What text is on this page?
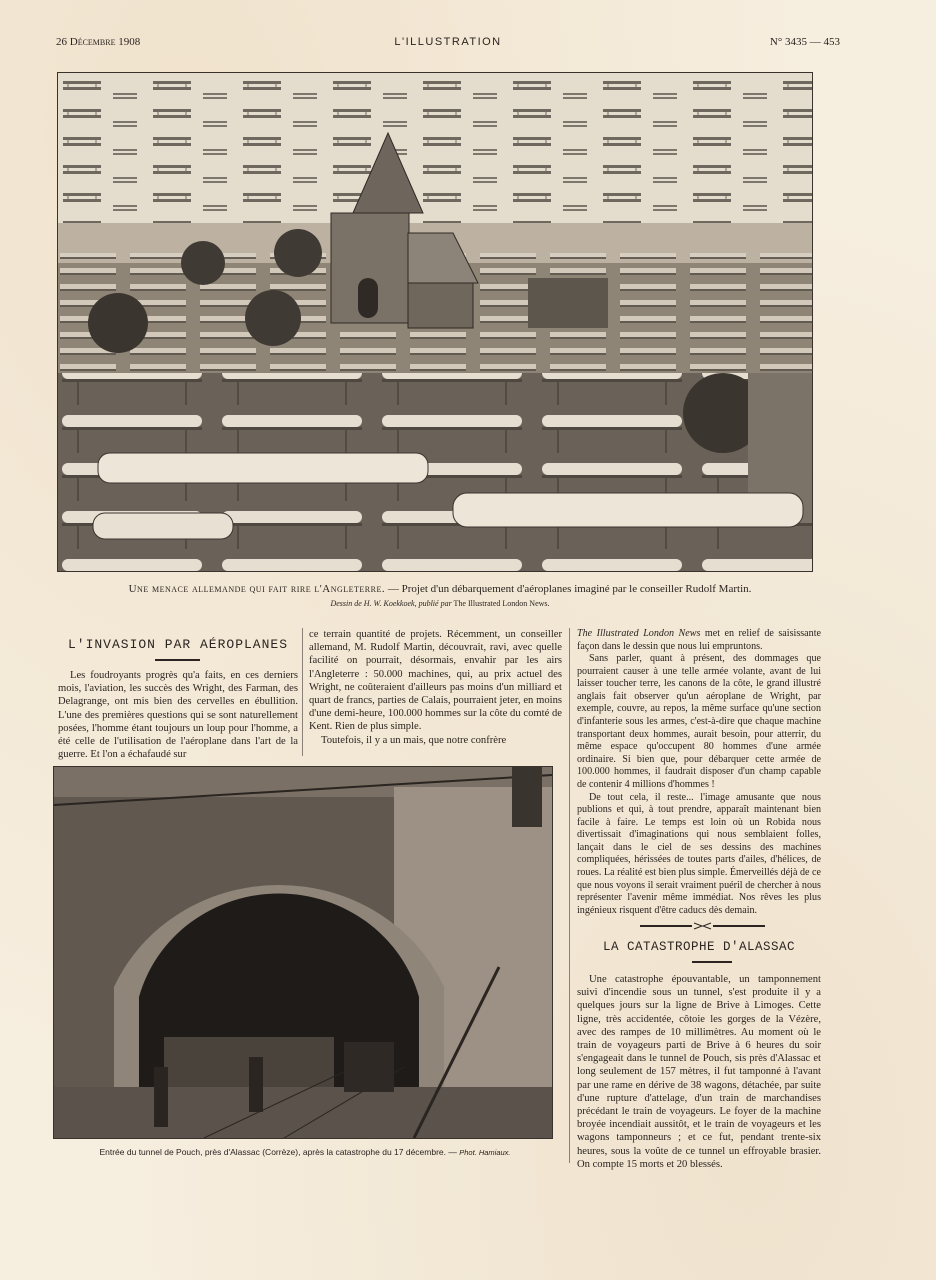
26 Décembre 1908	L'ILLUSTRATION	N° 3435 — 453
Une menace allemande qui fait rire l'Angleterre. — Projet d'un débarquement d'aéroplanes imaginé par le conseiller Rudolf Martin.
Dessin de H. W. Koekkoek, publié par The Illustrated London News.
L'INVASION PAR AÉROPLANES

Les foudroyants progrès qu'a faits, en ces derniers mois, l'aviation, les succès des Wright, des Farman, des Delagrange, ont mis bien des cervelles en ébullition. L'une des premières questions qui se sont naturellement posées, l'homme étant toujours un loup pour l'homme, a été celle de l'utilisation de l'aéroplane dans l'art de la guerre. Et l'on a échafaudé sur

ce terrain quantité de projets. Récemment, un conseiller allemand, M. Rudolf Martin, découvrait, ravi, avec quelle facilité on pourrait, désormais, envahir par les airs l'Angleterre : 50.000 machines, qui, au prix actuel des Wright, ne coûteraient d'ailleurs pas moins d'un milliard et quart de francs, parties de Calais, pourraient jeter, en moins d'une demi-heure, 100.000 hommes sur la côte du comté de Kent. Rien de plus simple.

Toutefois, il y a un mais, que notre confrère

The Illustrated London News met en relief de saisissante façon dans le dessin que nous lui empruntons.

Sans parler, quant à présent, des dommages que pourraient causer à une telle armée volante, avant de lui laisser toucher terre, les canons de la côte, le grand illustré anglais fait observer qu'un aéroplane de Wright, par exemple, couvre, au repos, la même surface qu'une section d'infanterie sous les armes, c'est-à-dire que chaque machine transportant deux hommes, aurait besoin, pour atterrir, du même espace qu'occupent 80 hommes d'une armée ordinaire. Si bien que, pour débarquer cette armée de 100.000 hommes, il faudrait disposer d'un champ capable de contenir 4 millions d'hommes !

De tout cela, il reste... l'image amusante que nous publions et qui, à tout prendre, apparaît maintenant bien facile à faire. Le temps est loin où un Robida nous divertissait d'imaginations qui nous semblaient folles, lançait dans le ciel de ses dessins des machines compliquées, hérissées de toutes parts d'ailes, d'hélices, de roues. La réalité est bien plus simple. Émerveillés déjà de ce que nous voyons il serait vraiment puéril de chercher à nous représenter l'avenir même immédiat. Nos rêves les plus ingénieux risquent d'être caducs dès demain.

LA CATASTROPHE D'ALASSAC

Une catastrophe épouvantable, un tamponnement suivi d'incendie sous un tunnel, s'est produite il y a quelques jours sur la ligne de Brive à Limoges. Cette ligne, très accidentée, côtoie les gorges de la Vézère, avec des rampes de 10 millimètres. Au moment où le train de voyageurs parti de Brive à 6 heures du soir s'engageait dans le tunnel de Pouch, sis près d'Alassac et long seulement de 157 mètres, il fut tamponné à l'avant par une rame en dérive de 38 wagons, détachée, par suite d'une rupture d'attelage, d'un train de marchandises précédant le train de voyageurs. Le foyer de la machine broyée incendiait aussitôt, et le train de voyageurs et les wagons tamponneurs ; et ce fut, pendant trente-six heures, sous la voûte de ce tunnel un effroyable brasier. On compte 15 morts et 20 blessés.

Entrée du tunnel de Pouch, près d'Alassac (Corrèze), après la catastrophe du 17 décembre. — Phot. Hamiaux.
